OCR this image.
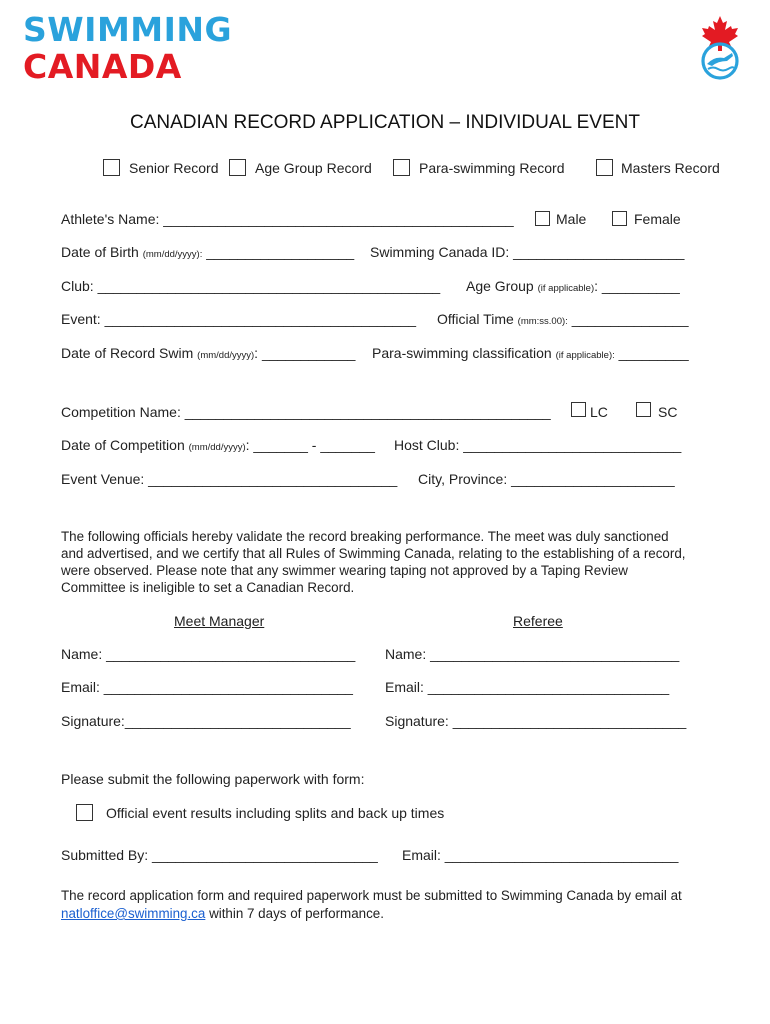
SWIMMING
CANADA
CANADIAN RECORD APPLICATION – INDIVIDUAL EVENT
Senior Record	Age Group Record	Para-swimming Record	Masters Record
Athlete's Name: _____________________________________________	Male	Female
Date of Birth (mm/dd/yyyy): ___________________ Swimming Canada ID: ______________________
Club: ____________________________________________ Age Group (if applicable): __________
Event: ________________________________________ Official Time (mm:ss.00): _______________
Date of Record Swim (mm/dd/yyyy): ____________ Para-swimming classification (if applicable): _________
Competition Name: _______________________________________________	LC	SC
Date of Competition (mm/dd/yyyy): _______ - _______ Host Club: ____________________________
Event Venue: ________________________________ City, Province: _____________________
The following officials hereby validate the record breaking performance. The meet was duly sanctioned and advertised, and we certify that all Rules of Swimming Canada, relating to the establishing of a record, were observed. Please note that any swimmer wearing taping not approved by a Taping Review Committee is ineligible to set a Canadian Record.
Meet Manager	Referee
Name: ________________________________ Name: ________________________________
Email: ________________________________ Email: _______________________________
Signature:_____________________________ Signature: ______________________________
Please submit the following paperwork with form:
Official event results including splits and back up times
Submitted By: _____________________________ Email: ______________________________
The record application form and required paperwork must be submitted to Swimming Canada by email at natloffice@swimming.ca within 7 days of performance.
